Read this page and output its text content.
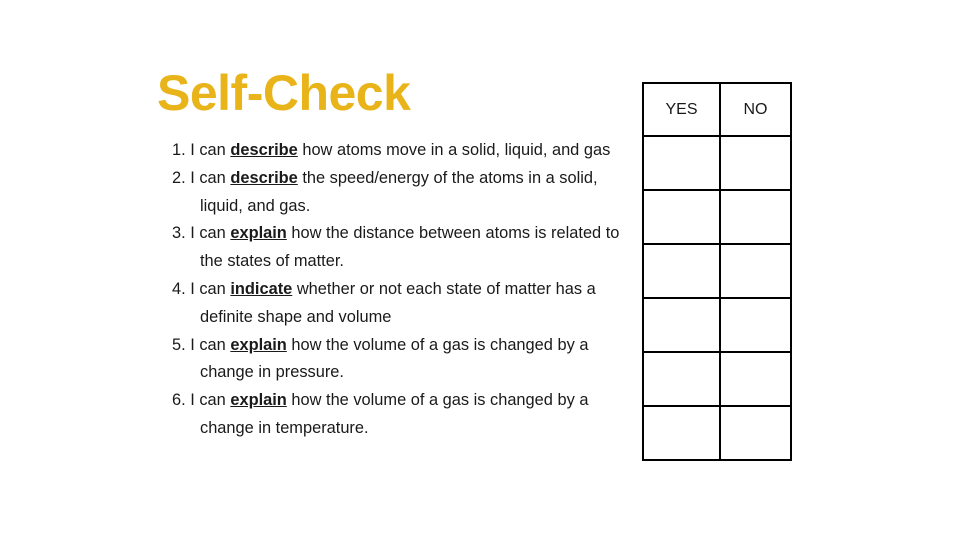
Self-Check
1. I can describe how atoms move in a solid, liquid, and gas
2. I can describe the speed/energy of the atoms in a solid, liquid, and gas.
3. I can explain how the distance between atoms is related to the states of matter.
4. I can indicate whether or not each state of matter has a definite shape and volume
5. I can explain how the volume of a gas is changed by a change in pressure.
6. I can explain how the volume of a gas is changed by a change in temperature.
YES	NO
